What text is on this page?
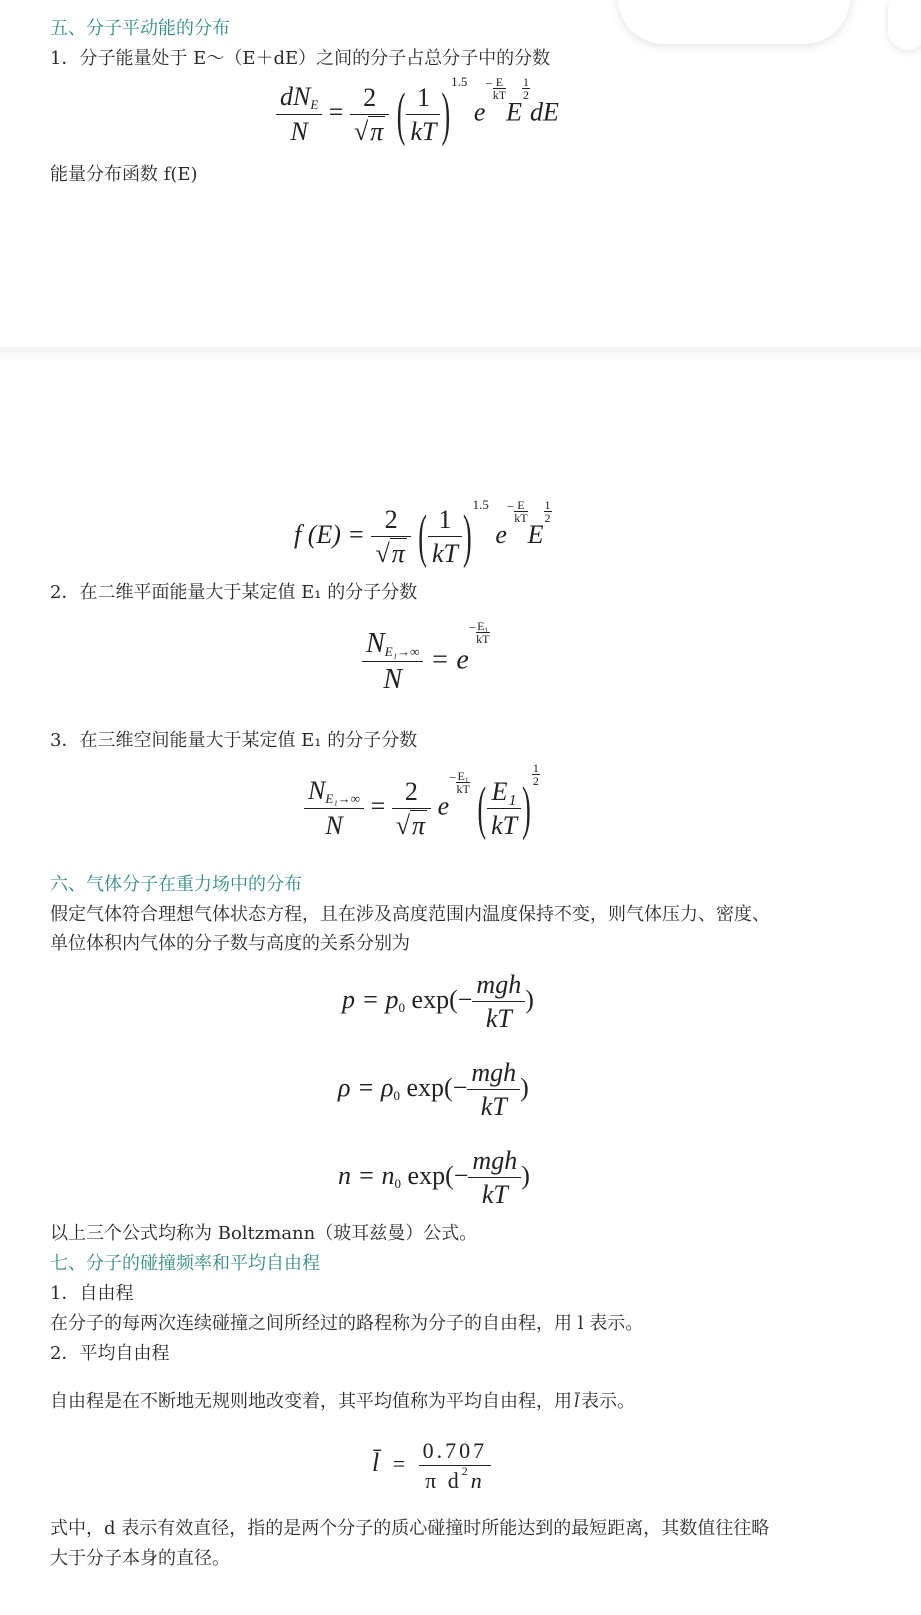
五、分子平动能的分布
1．分子能量处于 E～（E＋dE）之间的分子占总分子中的分数
$\frac{dN_E}{N} = \frac{2}{√\pi}$ ( $\frac{1}{kT} )1.5$ $e- \frac{E}{kT}$
E
$\frac{1}{2}$
dE
能量分布函数 f(E)
f $(E) = \frac{2}{√\pi}$ ( $\frac{1}{kT} )1.5$ $e- \frac{E}{kT}$
E
$\frac{1}{2}$
2．在二维平面能量大于某定值 E₁ 的分子分数
$\frac{N_{E_1\to\infty}}{N} = e- \frac{\text{E₁}}{kT}$
3．在三维空间能量大于某定值 E₁ 的分子分数
$\frac{N_{E_1\to\infty}}{N} = \frac{2}{√\pi} e- \frac{\text{E₁}}{kT}$ ( $\frac{\text{E₁}}{kT}$ ) $\frac{1}{2}$
六、气体分子在重力场中的分布
假定气体符合理想气体状态方程，且在涉及高度范围内温度保持不变，则气体压力、密度、
单位体积内气体的分子数与高度的关系分别为
$p = p_0$ $\exp(- \frac{\text{mgh}}{kT}$ )
$\rho = \rho_0$ $\exp(- \frac{\text{mgh}}{kT}$ )
$n = n_0$ $\exp(- \frac{\text{mgh}}{kT}$ )
以上三个公式均称为 Boltzmann（玻耳兹曼）公式。
七、分子的碰撞频率和平均自由程
1．自由程
在分子的每两次连续碰撞之间所经过的路程称为分子的自由程，用 l 表示。
2．平均自由程
自由程是在不断地无规则地改变着，其平均值称为平均自由程，用 l̄ 表示。
l̄ = $\frac{0.707}{\text{π d2n}}$
式中，d 表示有效直径，指的是两个分子的质心碰撞时所能达到的最短距离，其数值往往略
大于分子本身的直径。
